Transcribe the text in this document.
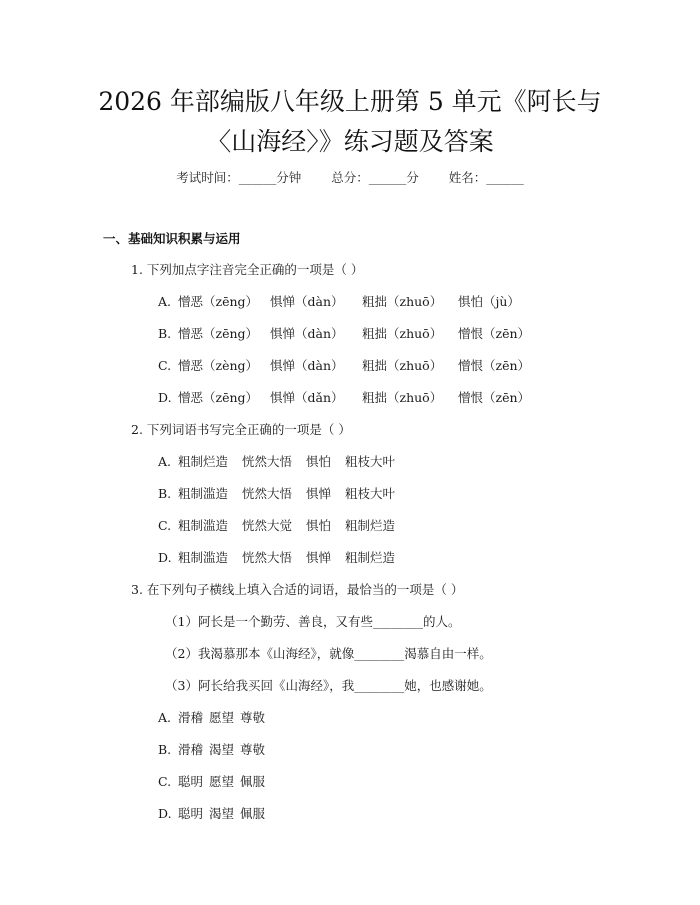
2026 年部编版八年级上册第 5 单元《阿长与
〈山海经〉》练习题及答案
考试时间：______分钟 总分：______分 姓名：______
一、基础知识积累与运用
1. 下列加点字注音完全正确的一项是（ ）
A. 憎恶（zēng） 惧惮（dàn） 粗拙（zhuō） 惧怕（jù）
B. 憎恶（zēng） 惧惮（dàn） 粗拙（zhuō） 憎恨（zēn）
C. 憎恶（zèng） 惧惮（dàn） 粗拙（zhuō） 憎恨（zēn）
D. 憎恶（zēng） 惧惮（dǎn） 粗拙（zhuō） 憎恨（zēn）
2. 下列词语书写完全正确的一项是（ ）
A. 粗制烂造 恍然大悟 惧怕 粗枝大叶
B. 粗制滥造 恍然大悟 惧惮 粗枝大叶
C. 粗制滥造 恍然大觉 惧怕 粗制烂造
D. 粗制滥造 恍然大悟 惧惮 粗制烂造
3. 在下列句子横线上填入合适的词语，最恰当的一项是（ ）
（1）阿长是一个勤劳、善良，又有些________的人。
（2）我渴慕那本《山海经》，就像________渴慕自由一样。
（3）阿长给我买回《山海经》，我________她，也感谢她。
A. 滑稽 愿望 尊敬
B. 滑稽 渴望 尊敬
C. 聪明 愿望 佩服
D. 聪明 渴望 佩服
